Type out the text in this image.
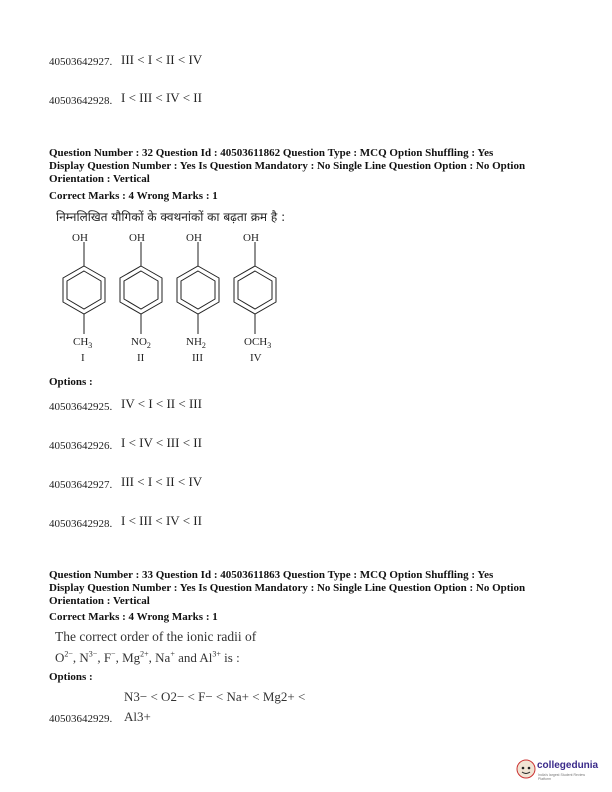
40503642927. III < I < II < IV
40503642928. I < III < IV < II
Question Number : 32 Question Id : 40503611862 Question Type : MCQ Option Shuffling : Yes
Display Question Number : Yes Is Question Mandatory : No Single Line Question Option : No Option
Orientation : Vertical
Correct Marks : 4 Wrong Marks : 1
निम्नलिखित यौगिकों के क्वथनांकों का बढ़ता क्रम है :
OH	OH	OH	OH
$CH_3$	$NO_2$	$NH_2$	$OCH_3$
I	II	III	IV
Options :
40503642925. IV < I < II < III
40503642926. I < IV < III < II
40503642927. III < I < II < IV
40503642928. I < III < IV < II
Question Number : 33 Question Id : 40503611863 Question Type : MCQ Option Shuffling : Yes
Display Question Number : Yes Is Question Mandatory : No Single Line Question Option : No Option
Orientation : Vertical
Correct Marks : 4 Wrong Marks : 1
The correct order of the ionic radii of
$O^{2-}$, $N^{3-}$, F−, $Mg^{2+}$, Na+ and $Al^{3+}$ is :
Options :
N3− < O2− < F− < Na+ < Mg2+ <
Al3+
40503642929.
collegedunia
India's largest Student Review Platform
